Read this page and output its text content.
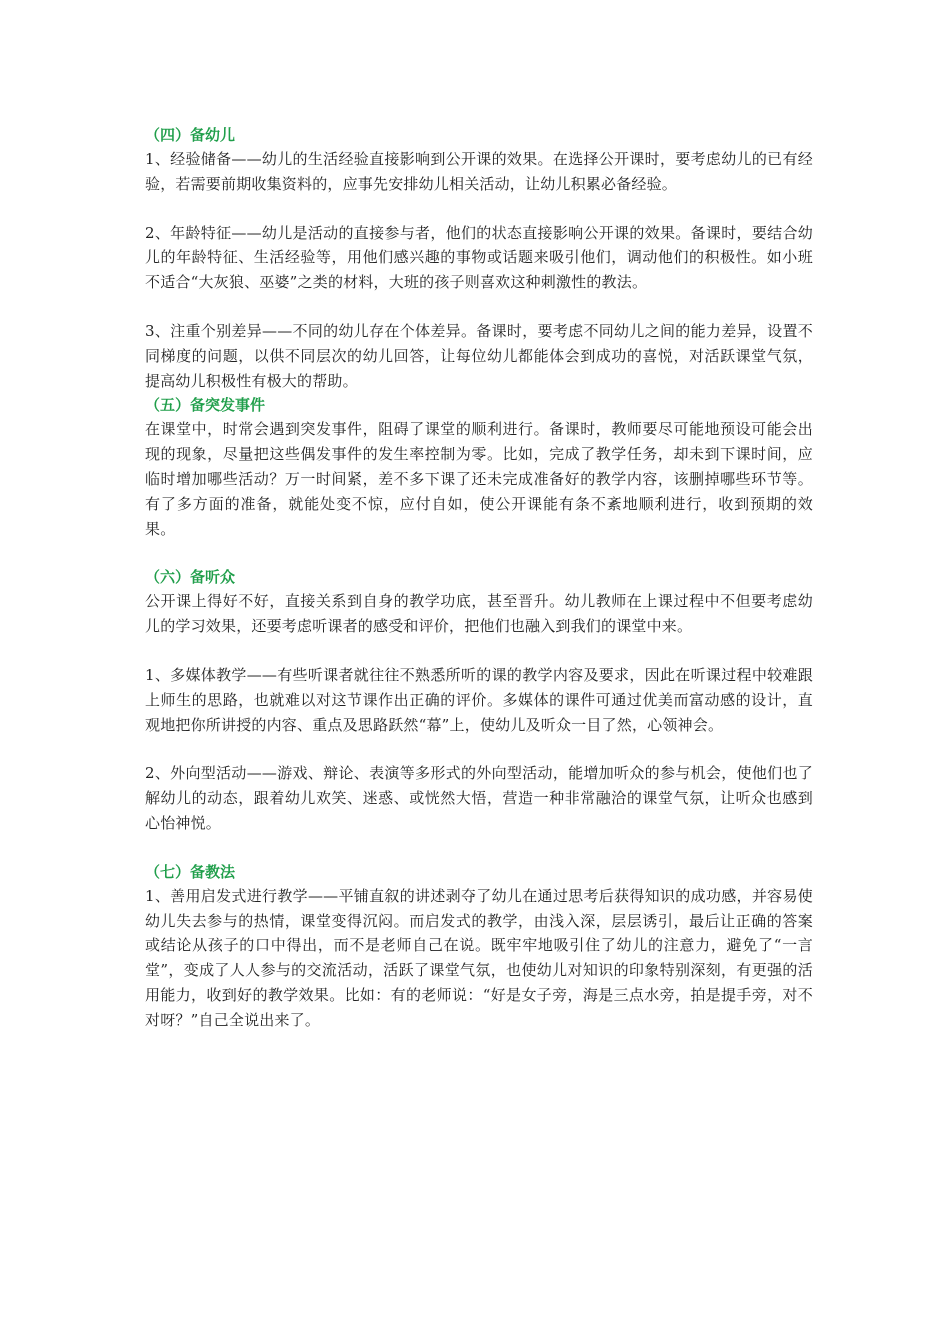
（四）备幼儿

1、经验储备——幼儿的生活经验直接影响到公开课的效果。在选择公开课时，要考虑幼儿的已有经验，若需要前期收集资料的，应事先安排幼儿相关活动，让幼儿积累必备经验。

2、年龄特征——幼儿是活动的直接参与者，他们的状态直接影响公开课的效果。备课时，要结合幼儿的年龄特征、生活经验等，用他们感兴趣的事物或话题来吸引他们，调动他们的积极性。如小班不适合“大灰狼、巫婆”之类的材料，大班的孩子则喜欢这种刺激性的教法。

3、注重个别差异——不同的幼儿存在个体差异。备课时，要考虑不同幼儿之间的能力差异，设置不同梯度的问题，以供不同层次的幼儿回答，让每位幼儿都能体会到成功的喜悦，对活跃课堂气氛，提高幼儿积极性有极大的帮助。

（五）备突发事件

在课堂中，时常会遇到突发事件，阻碍了课堂的顺利进行。备课时，教师要尽可能地预设可能会出现的现象，尽量把这些偶发事件的发生率控制为零。比如，完成了教学任务，却未到下课时间，应临时增加哪些活动？万一时间紧，差不多下课了还未完成准备好的教学内容，该删掉哪些环节等。有了多方面的准备，就能处变不惊，应付自如，使公开课能有条不紊地顺利进行，收到预期的效果。

（六）备听众

公开课上得好不好，直接关系到自身的教学功底，甚至晋升。幼儿教师在上课过程中不但要考虑幼儿的学习效果，还要考虑听课者的感受和评价，把他们也融入到我们的课堂中来。

1、多媒体教学——有些听课者就往往不熟悉所听的课的教学内容及要求，因此在听课过程中较难跟上师生的思路，也就难以对这节课作出正确的评价。多媒体的课件可通过优美而富动感的设计，直观地把你所讲授的内容、重点及思路跃然“幕”上，使幼儿及听众一目了然，心领神会。

2、外向型活动——游戏、辩论、表演等多形式的外向型活动，能增加听众的参与机会，使他们也了解幼儿的动态，跟着幼儿欢笑、迷惑、或恍然大悟，营造一种非常融洽的课堂气氛，让听众也感到心怡神悦。

（七）备教法

1、善用启发式进行教学——平铺直叙的讲述剥夺了幼儿在通过思考后获得知识的成功感，并容易使幼儿失去参与的热情，课堂变得沉闷。而启发式的教学，由浅入深，层层诱引，最后让正确的答案或结论从孩子的口中得出，而不是老师自己在说。既牢牢地吸引住了幼儿的注意力，避免了“一言堂”，变成了人人参与的交流活动，活跃了课堂气氛，也使幼儿对知识的印象特别深刻，有更强的活用能力，收到好的教学效果。比如：有的老师说：“好是女子旁，海是三点水旁，拍是提手旁，对不对呀？”自己全说出来了。
